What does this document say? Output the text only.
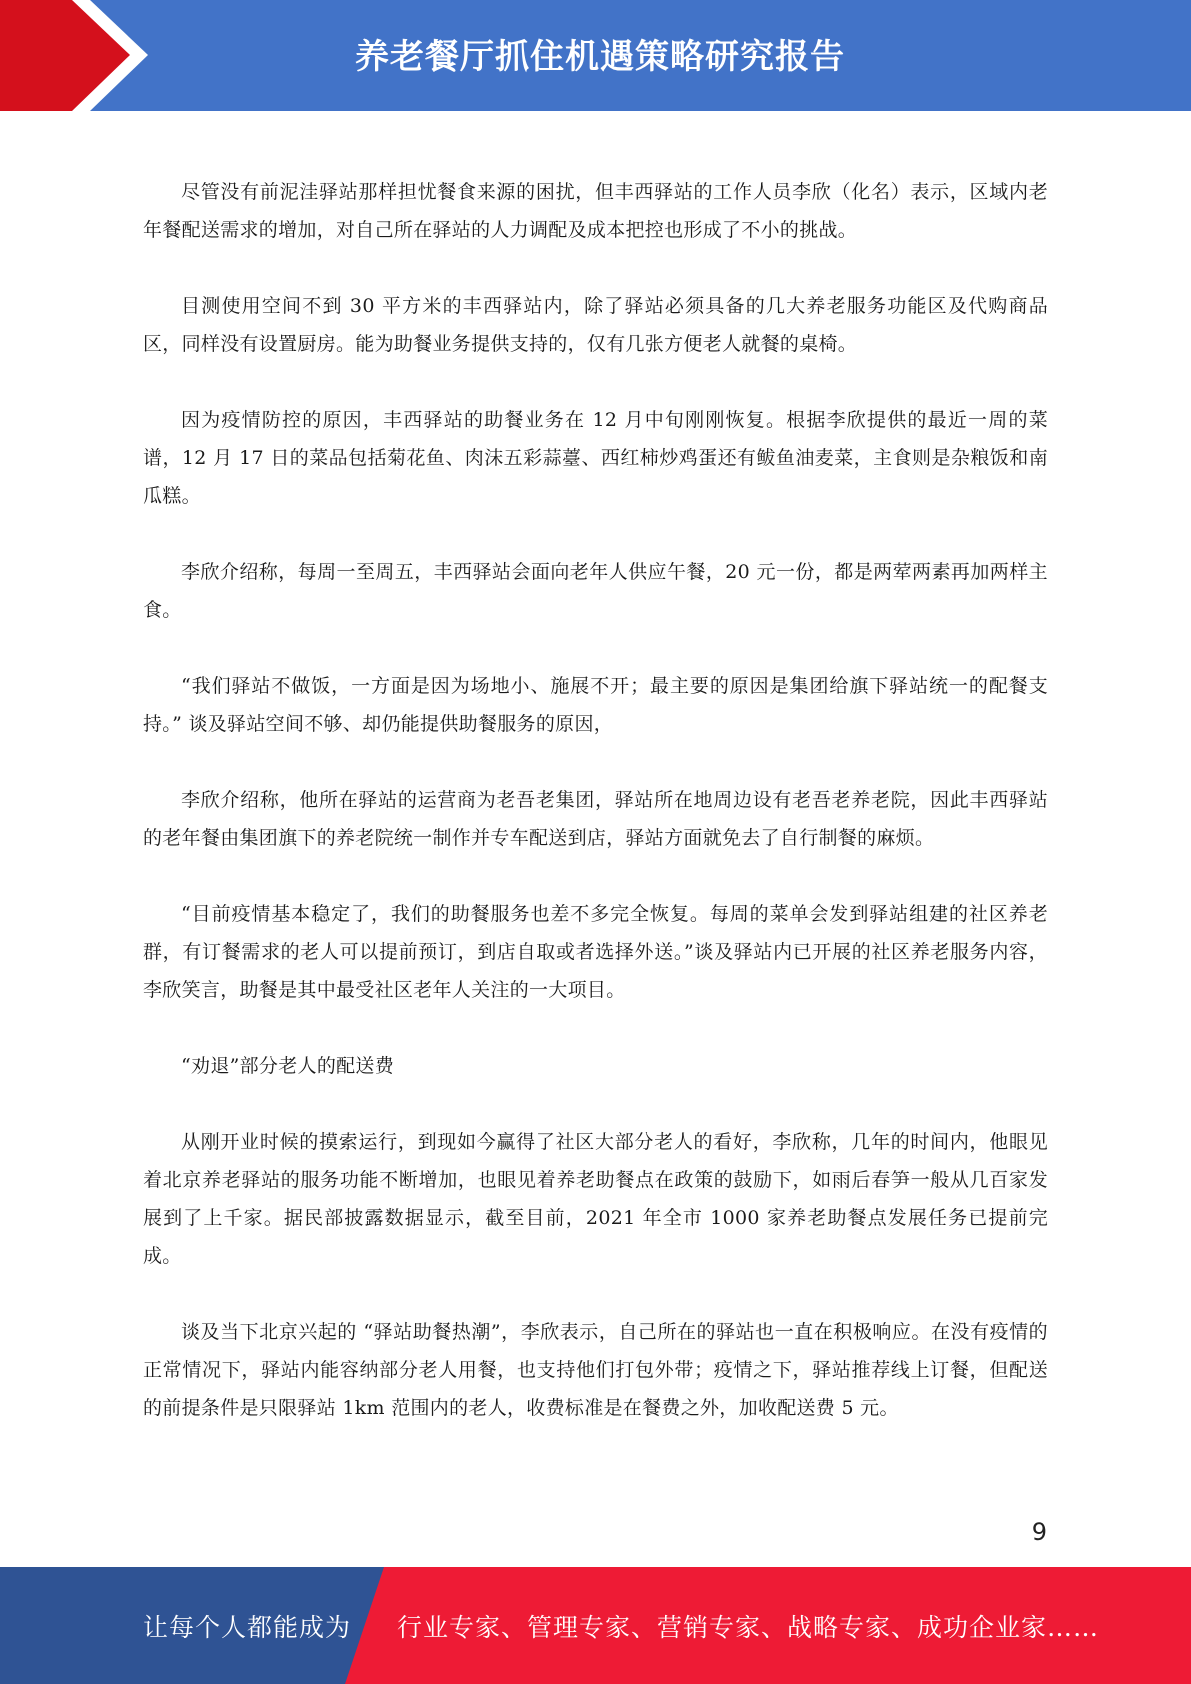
养老餐厅抓住机遇策略研究报告

尽管没有前泥洼驿站那样担忧餐食来源的困扰，但丰西驿站的工作人员李欣（化名）表示，区域内老年餐配送需求的增加，对自己所在驿站的人力调配及成本把控也形成了不小的挑战。

目测使用空间不到 30 平方米的丰西驿站内，除了驿站必须具备的几大养老服务功能区及代购商品区，同样没有设置厨房。能为助餐业务提供支持的，仅有几张方便老人就餐的桌椅。

因为疫情防控的原因，丰西驿站的助餐业务在 12 月中旬刚刚恢复。根据李欣提供的最近一周的菜谱，12 月 17 日的菜品包括菊花鱼、肉沫五彩蒜薹、西红柿炒鸡蛋还有鲅鱼油麦菜，主食则是杂粮饭和南瓜糕。

李欣介绍称，每周一至周五，丰西驿站会面向老年人供应午餐，20 元一份，都是两荤两素再加两样主食。

“我们驿站不做饭，一方面是因为场地小、施展不开；最主要的原因是集团给旗下驿站统一的配餐支持。” 谈及驿站空间不够、却仍能提供助餐服务的原因，

李欣介绍称，他所在驿站的运营商为老吾老集团，驿站所在地周边设有老吾老养老院，因此丰西驿站的老年餐由集团旗下的养老院统一制作并专车配送到店，驿站方面就免去了自行制餐的麻烦。

“目前疫情基本稳定了，我们的助餐服务也差不多完全恢复。每周的菜单会发到驿站组建的社区养老群，有订餐需求的老人可以提前预订，到店自取或者选择外送。”谈及驿站内已开展的社区养老服务内容，李欣笑言，助餐是其中最受社区老年人关注的一大项目。

“劝退”部分老人的配送费

从刚开业时候的摸索运行，到现如今赢得了社区大部分老人的看好，李欣称，几年的时间内，他眼见着北京养老驿站的服务功能不断增加，也眼见着养老助餐点在政策的鼓励下，如雨后春笋一般从几百家发展到了上千家。据民部披露数据显示，截至目前，2021 年全市 1000 家养老助餐点发展任务已提前完成。

谈及当下北京兴起的 “驿站助餐热潮”，李欣表示，自己所在的驿站也一直在积极响应。在没有疫情的正常情况下，驿站内能容纳部分老人用餐，也支持他们打包外带；疫情之下，驿站推荐线上订餐，但配送的前提条件是只限驿站 1km 范围内的老人，收费标准是在餐费之外，加收配送费 5 元。

9
让每个人都能成为 行业专家、管理专家、营销专家、战略专家、成功企业家……
